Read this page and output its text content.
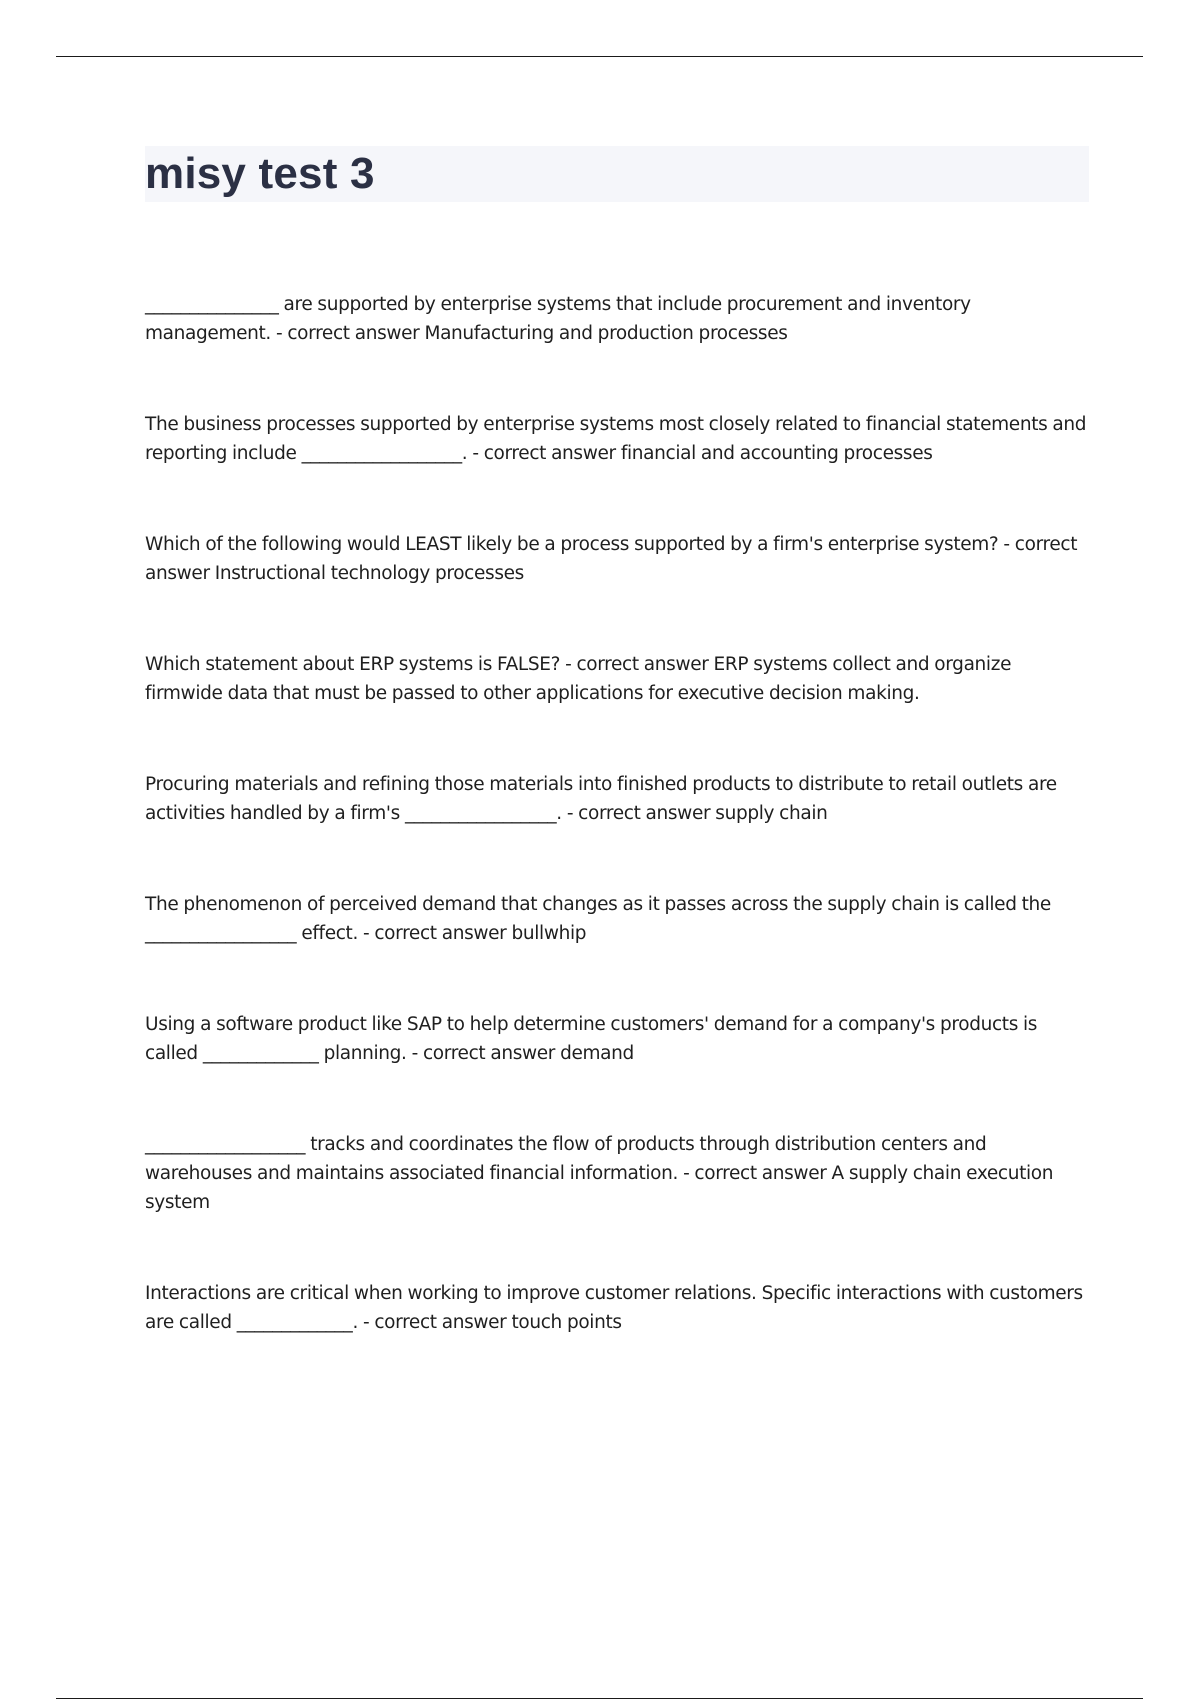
misy test 3

_______________ are supported by enterprise systems that include procurement and inventory management. - correct answer Manufacturing and production processes

The business processes supported by enterprise systems most closely related to financial statements and reporting include __________________. - correct answer financial and accounting processes

Which of the following would LEAST likely be a process supported by a firm's enterprise system? - correct answer Instructional technology processes

Which statement about ERP systems is FALSE? - correct answer ERP systems collect and organize firmwide data that must be passed to other applications for executive decision making.

Procuring materials and refining those materials into finished products to distribute to retail outlets are activities handled by a firm's _________________. - correct answer supply chain

The phenomenon of perceived demand that changes as it passes across the supply chain is called the _________________ effect. - correct answer bullwhip

Using a software product like SAP to help determine customers' demand for a company's products is called _____________ planning. - correct answer demand

__________________ tracks and coordinates the flow of products through distribution centers and warehouses and maintains associated financial information. - correct answer A supply chain execution system

Interactions are critical when working to improve customer relations. Specific interactions with customers are called _____________. - correct answer touch points
